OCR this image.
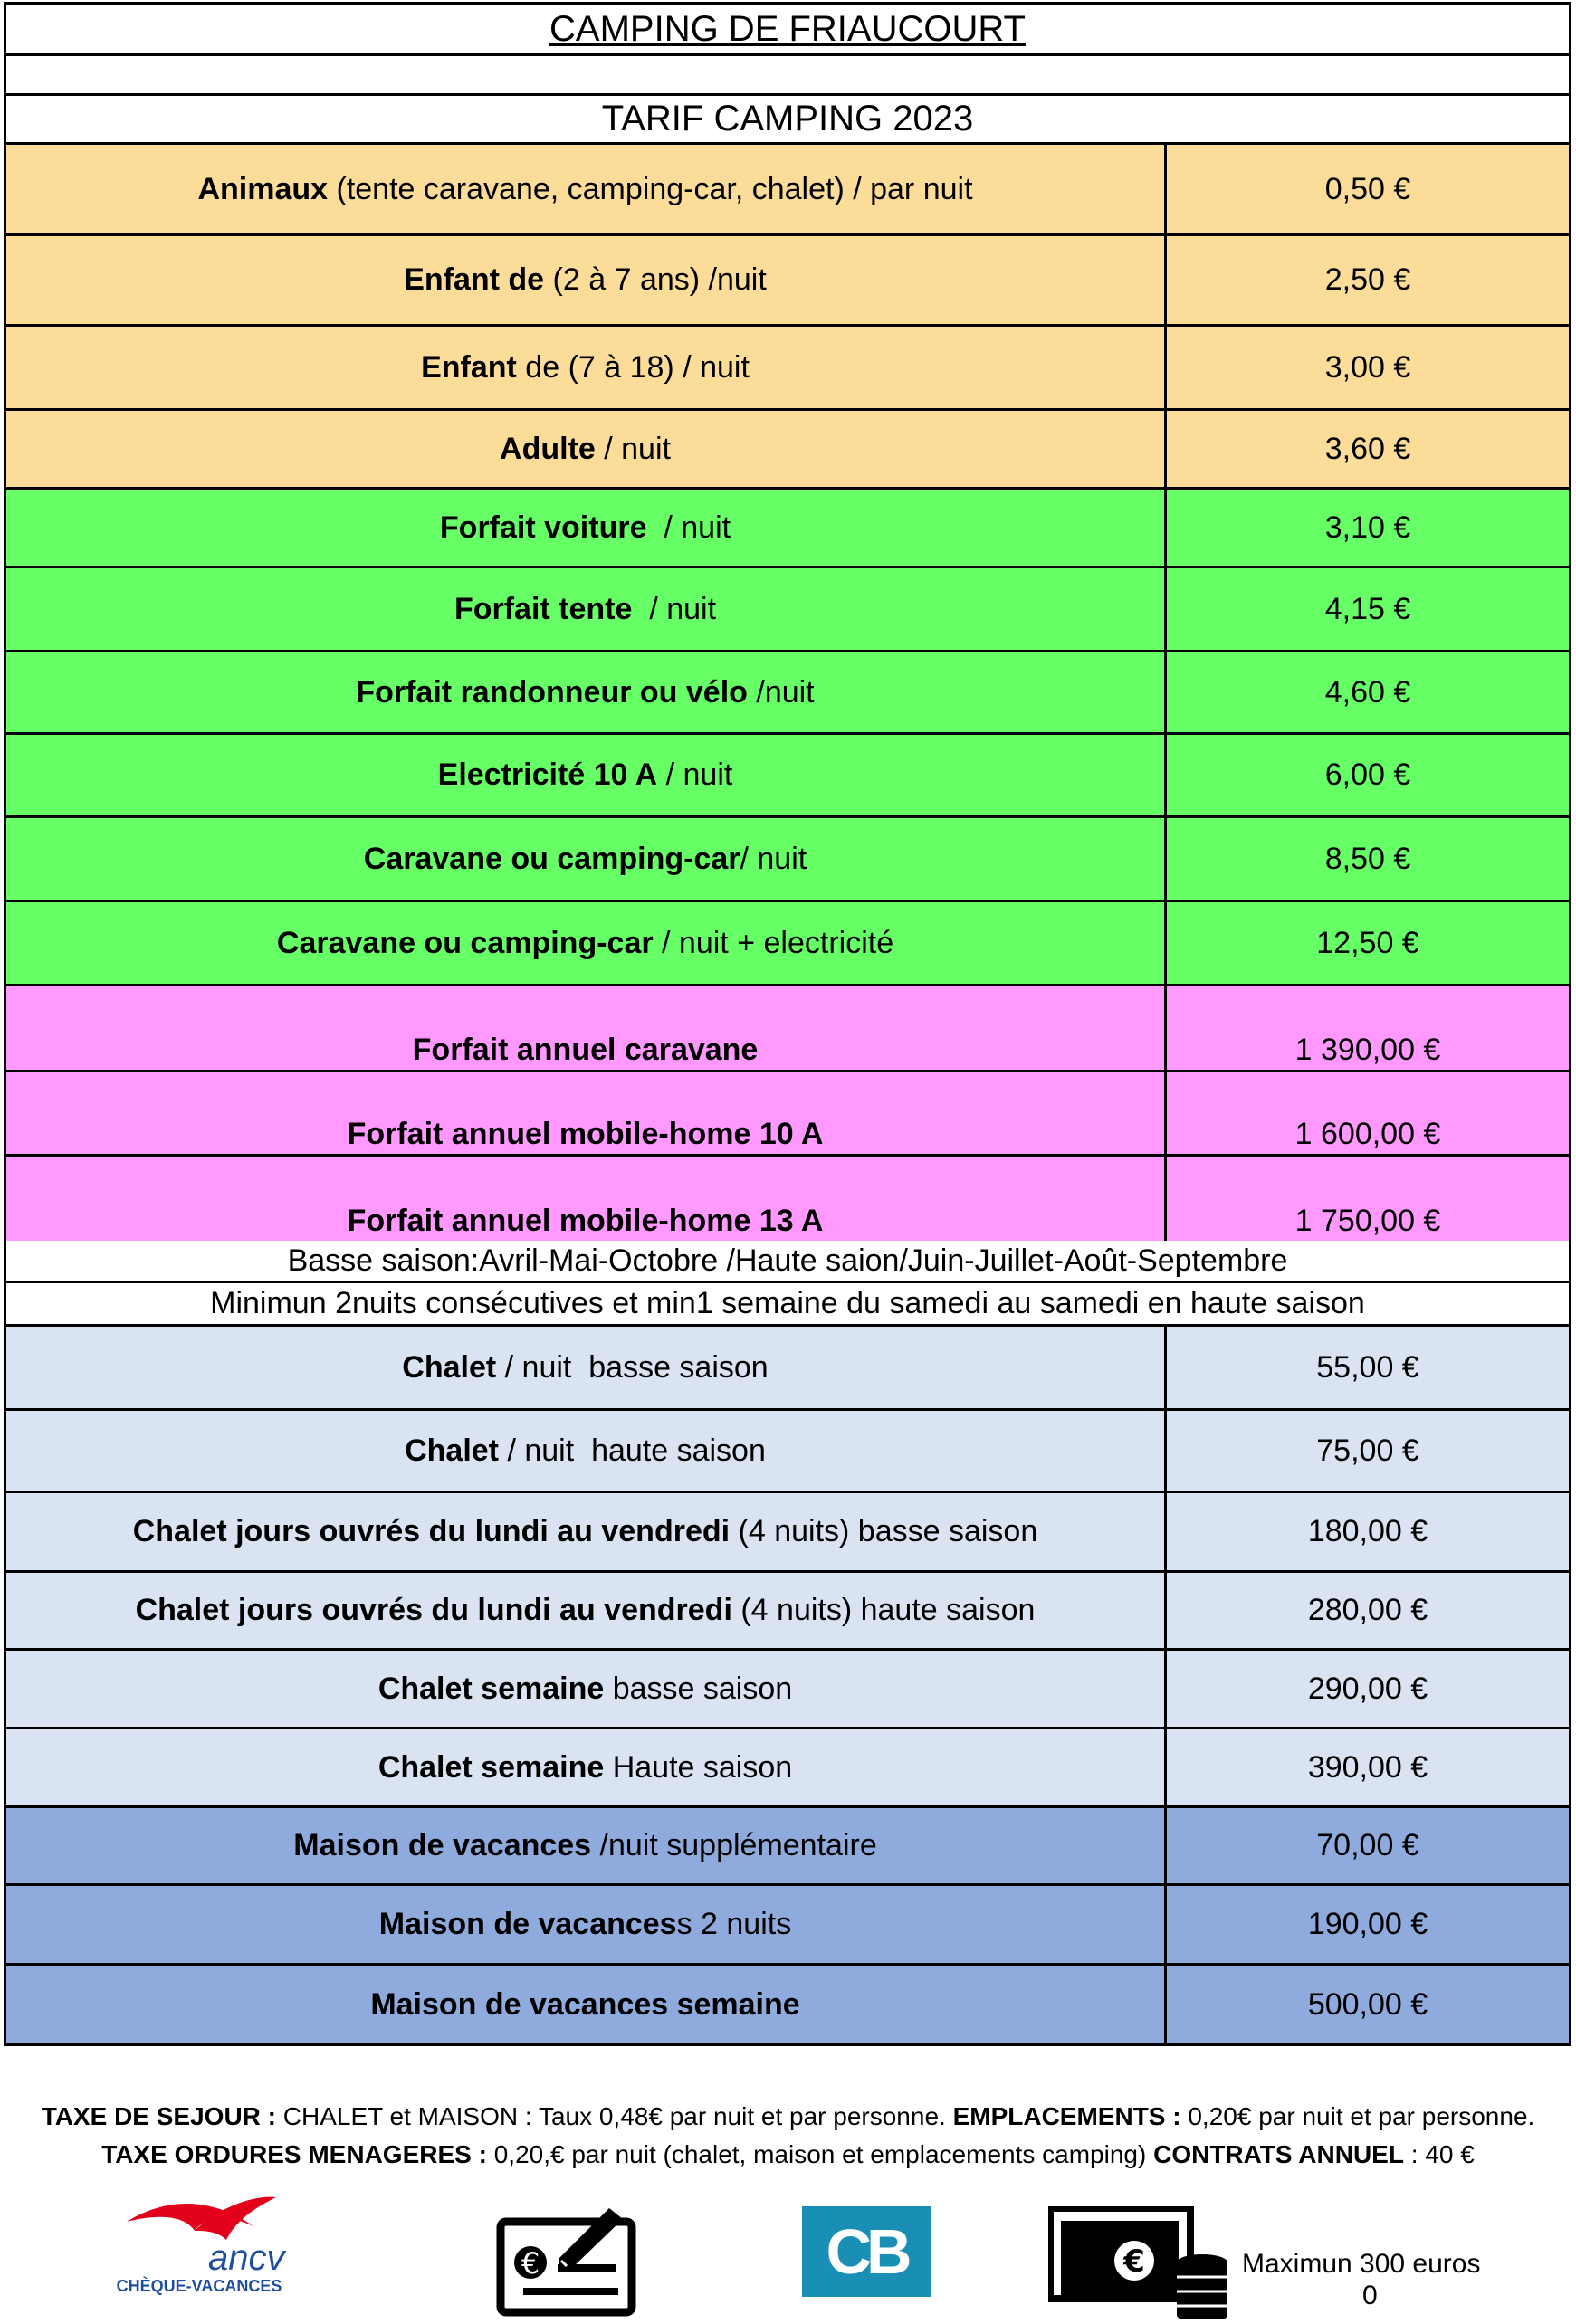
CAMPING DE FRIAUCOURT
TARIF CAMPING 2023
Animaux (tente caravane, camping-car, chalet) / par nuit	0,50 €
Enfant de (2 à 7 ans) /nuit	2,50 €
Enfant de (7 à 18) / nuit	3,00 €
Adulte / nuit	3,60 €
Forfait voiture / nuit	3,10 €
Forfait tente / nuit	4,15 €
Forfait randonneur ou vélo /nuit	4,60 €
Electricité 10 A / nuit	6,00 €
Caravane ou camping-car / nuit	8,50 €
Caravane ou camping-car / nuit + electricité	12,50 €
Forfait annuel caravane	1 390,00 €
Forfait annuel mobile-home 10 A	1 600,00 €
Forfait annuel mobile-home 13 A	1 750,00 €
Basse saison:Avril-Mai-Octobre /Haute saion/Juin-Juillet-Août-Septembre
Minimun 2nuits consécutives et min1 semaine du samedi au samedi en haute saison
Chalet / nuit  basse saison	55,00 €
Chalet / nuit  haute saison	75,00 €
Chalet jours ouvrés du lundi au vendredi (4 nuits) basse saison	180,00 €
Chalet jours ouvrés du lundi au vendredi (4 nuits) haute saison	280,00 €
Chalet semaine basse saison	290,00 €
Chalet semaine Haute saison	390,00 €
Maison de vacances /nuit supplémentaire	70,00 €
Maison de vacances s 2 nuits	190,00 €
Maison de vacances semaine	500,00 €
TAXE DE SEJOUR : CHALET et MAISON : Taux 0,48€ par nuit et par personne. EMPLACEMENTS : 0,20€ par nuit et par personne.
TAXE ORDURES MENAGERES : 0,20,€ par nuit (chalet, maison et emplacements camping) CONTRATS ANNUEL : 40 €
ancv
CHÈQUE-VACANCES
€	CB	€	Maximun 300 euros
0
